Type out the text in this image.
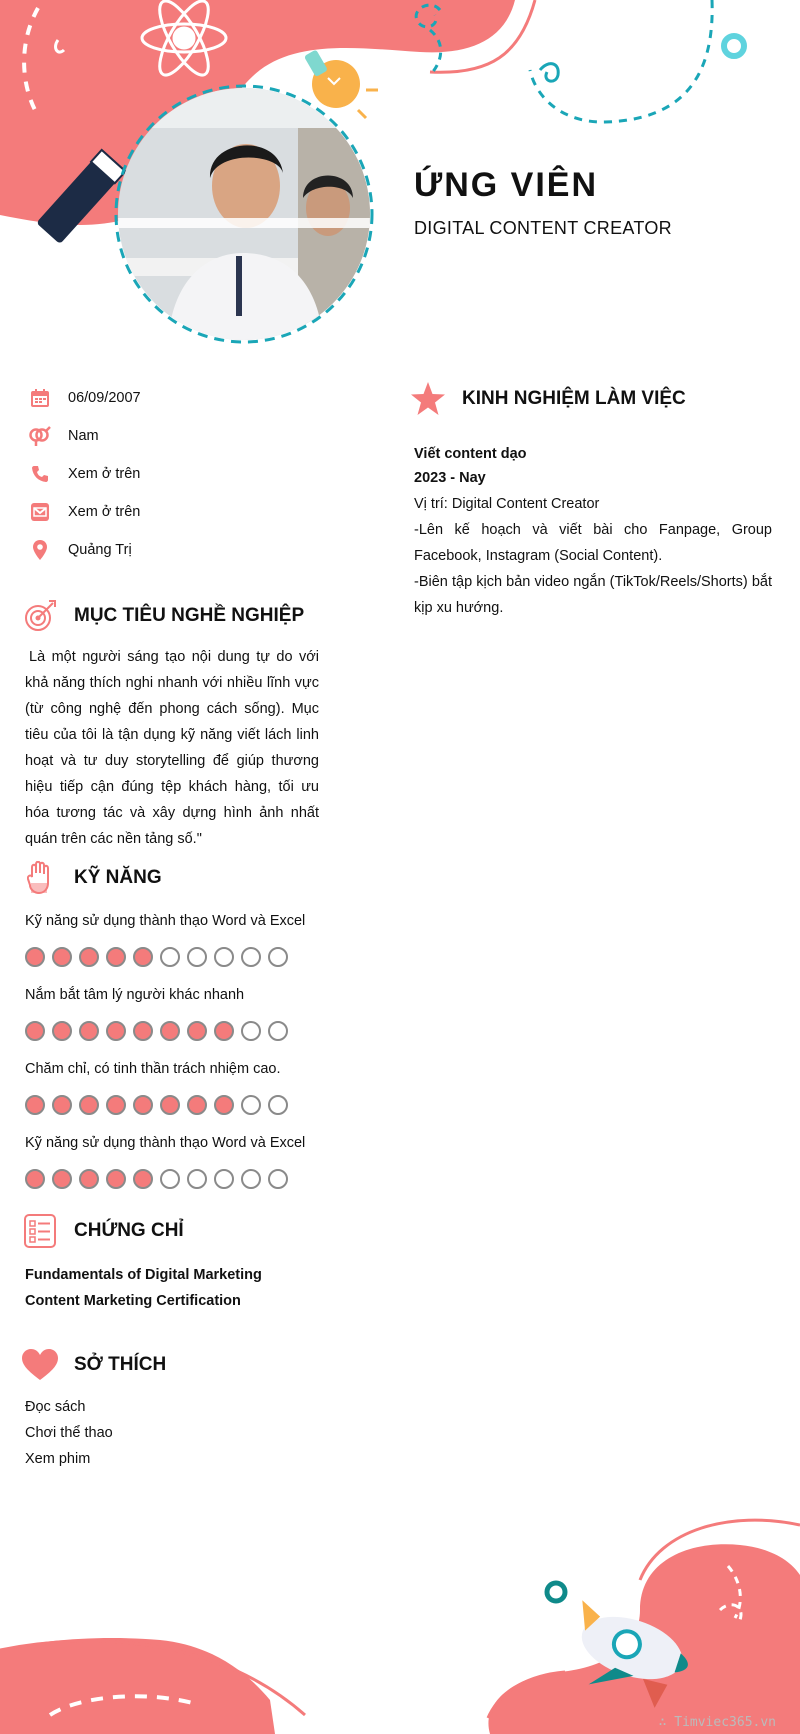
ỨNG VIÊN
DIGITAL CONTENT CREATOR
06/09/2007
Nam
Xem ở trên
Xem ở trên
Quảng Trị
MỤC TIÊU NGHỀ NGHIỆP
Là một người sáng tạo nội dung tự do với khả năng thích nghi nhanh với nhiều lĩnh vực (từ công nghệ đến phong cách sống). Mục tiêu của tôi là tận dụng kỹ năng viết lách linh hoạt và tư duy storytelling để giúp thương hiệu tiếp cận đúng tệp khách hàng, tối ưu hóa tương tác và xây dựng hình ảnh nhất quán trên các nền tảng số."
KỸ NĂNG
Kỹ năng sử dụng thành thạo Word và Excel
Nắm bắt tâm lý người khác nhanh
Chăm chỉ, có tinh thần trách nhiệm cao.
Kỹ năng sử dụng thành thạo Word và Excel
CHỨNG CHỈ
Fundamentals of Digital Marketing
Content Marketing Certification
SỞ THÍCH
Đọc sách
Chơi thể thao
Xem phim
KINH NGHIỆM LÀM VIỆC
Viết content dạo
2023 - Nay
Vị trí: Digital Content Creator
-Lên kế hoạch và viết bài cho Fanpage, Group Facebook, Instagram (Social Content).
-Biên tập kịch bản video ngắn (TikTok/Reels/Shorts) bắt kịp xu hướng.
∴ Timviec365.vn
